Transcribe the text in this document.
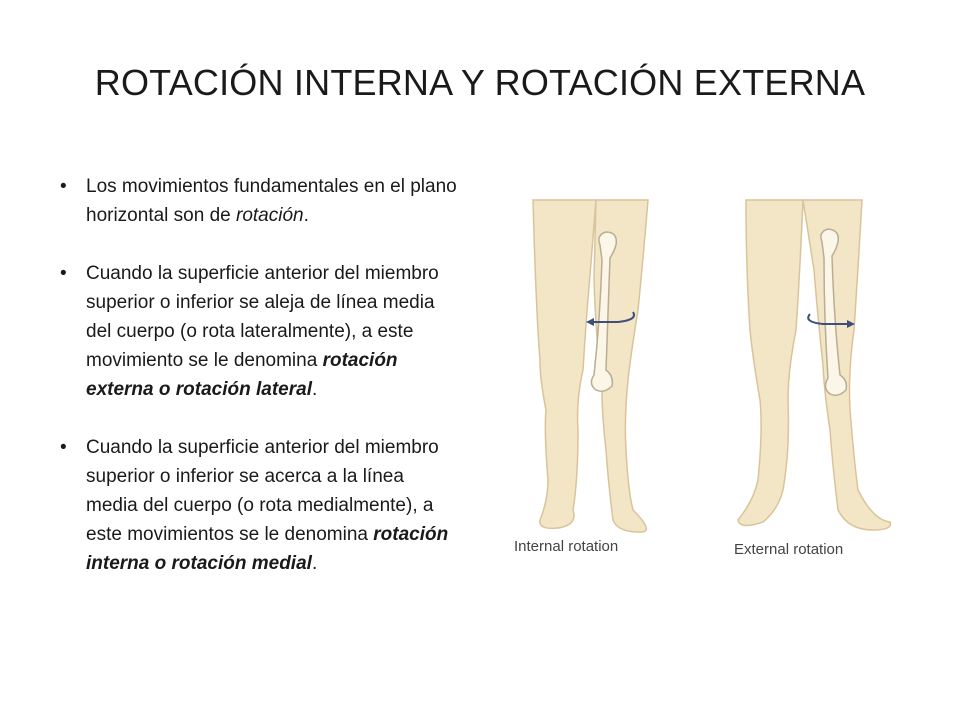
ROTACIÓN INTERNA Y ROTACIÓN EXTERNA
• Los movimientos fundamentales en el plano horizontal son de rotación.
• Cuando la superficie anterior del miembro superior o inferior se aleja de línea media del cuerpo (o rota lateralmente), a este movimiento se le denomina rotación externa o rotación lateral.
• Cuando la superficie anterior del miembro superior o inferior se acerca a la línea media del cuerpo (o rota medialmente), a este movimientos se le denomina rotación interna o rotación medial.
Internal rotation	External rotation
